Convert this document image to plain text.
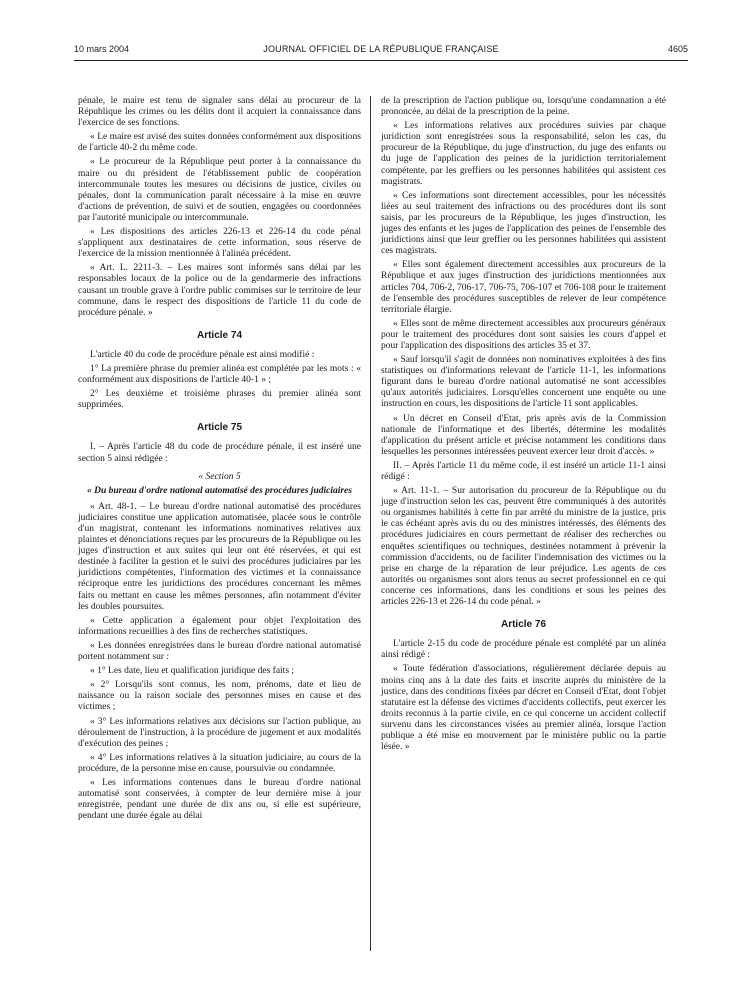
10 mars 2004	JOURNAL OFFICIEL DE LA RÉPUBLIQUE FRANÇAISE	4605

pénale, le maire est tenu de signaler sans délai au procureur de la République les crimes ou les délits dont il acquiert la connaissance dans l'exercice de ses fonctions.

« Le maire est avisé des suites données conformément aux dispositions de l'article 40-2 du même code.

« Le procureur de la République peut porter à la connaissance du maire ou du président de l'établissement public de coopération intercommunale toutes les mesures ou décisions de justice, civiles ou pénales, dont la communication paraît nécessaire à la mise en œuvre d'actions de prévention, de suivi et de soutien, engagées ou coordonnées par l'autorité municipale ou intercommunale.

« Les dispositions des articles 226-13 et 226-14 du code pénal s'appliquent aux destinataires de cette information, sous réserve de l'exercice de la mission mentionnée à l'alinéa précédent.

« Art. L. 2211-3. – Les maires sont informés sans délai par les responsables locaux de la police ou de la gendarmerie des infractions causant un trouble grave à l'ordre public commises sur le territoire de leur commune, dans le respect des dispositions de l'article 11 du code de procédure pénale. »

Article 74

L'article 40 du code de procédure pénale est ainsi modifié :

1° La première phrase du premier alinéa est complétée par les mots : « conformément aux dispositions de l'article 40-1 » ;

2° Les deuxième et troisième phrases du premier alinéa sont supprimées.

Article 75

I. – Après l'article 48 du code de procédure pénale, il est inséré une section 5 ainsi rédigée :

« Section 5

« Du bureau d'ordre national automatisé des procédures judiciaires

« Art. 48-1. – Le bureau d'ordre national automatisé des procédures judiciaires constitue une application automatisée, placée sous le contrôle d'un magistrat, contenant les informations nominatives relatives aux plaintes et dénonciations reçues par les procureurs de la République ou les juges d'instruction et aux suites qui leur ont été réservées, et qui est destinée à faciliter la gestion et le suivi des procédures judiciaires par les juridictions compétentes, l'information des victimes et la connaissance réciproque entre les juridictions des procédures concernant les mêmes faits ou mettant en cause les mêmes personnes, afin notamment d'éviter les doubles poursuites.

« Cette application a également pour objet l'exploitation des informations recueillies à des fins de recherches statistiques.

« Les données enregistrées dans le bureau d'ordre national automatisé portent notamment sur :

« 1° Les date, lieu et qualification juridique des faits ;

« 2° Lorsqu'ils sont connus, les nom, prénoms, date et lieu de naissance ou la raison sociale des personnes mises en cause et des victimes ;

« 3° Les informations relatives aux décisions sur l'action publique, au déroulement de l'instruction, à la procédure de jugement et aux modalités d'exécution des peines ;

« 4° Les informations relatives à la situation judiciaire, au cours de la procédure, de la personne mise en cause, poursuivie ou condamnée.

« Les informations contenues dans le bureau d'ordre national automatisé sont conservées, à compter de leur dernière mise à jour enregistrée, pendant une durée de dix ans ou, si elle est supérieure, pendant une durée égale au délai

de la prescription de l'action publique ou, lorsqu'une condamnation a été prononcée, au délai de la prescription de la peine.

« Les informations relatives aux procédures suivies par chaque juridiction sont enregistrées sous la responsabilité, selon les cas, du procureur de la République, du juge d'instruction, du juge des enfants ou du juge de l'application des peines de la juridiction territorialement compétente, par les greffiers ou les personnes habilitées qui assistent ces magistrats.

« Ces informations sont directement accessibles, pour les nécessités liées au seul traitement des infractions ou des procédures dont ils sont saisis, par les procureurs de la République, les juges d'instruction, les juges des enfants et les juges de l'application des peines de l'ensemble des juridictions ainsi que leur greffier ou les personnes habilitées qui assistent ces magistrats.

« Elles sont également directement accessibles aux procureurs de la République et aux juges d'instruction des juridictions mentionnées aux articles 704, 706-2, 706-17, 706-75, 706-107 et 706-108 pour le traitement de l'ensemble des procédures susceptibles de relever de leur compétence territoriale élargie.

« Elles sont de même directement accessibles aux procureurs généraux pour le traitement des procédures dont sont saisies les cours d'appel et pour l'application des dispositions des articles 35 et 37.

« Sauf lorsqu'il s'agit de données non nominatives exploitées à des fins statistiques ou d'informations relevant de l'article 11-1, les informations figurant dans le bureau d'ordre national automatisé ne sont accessibles qu'aux autorités judiciaires. Lorsqu'elles concernent une enquête ou une instruction en cours, les dispositions de l'article 11 sont applicables.

« Un décret en Conseil d'Etat, pris après avis de la Commission nationale de l'informatique et des libertés, détermine les modalités d'application du présent article et précise notamment les conditions dans lesquelles les personnes intéressées peuvent exercer leur droit d'accès. »

II. – Après l'article 11 du même code, il est inséré un article 11-1 ainsi rédigé :

« Art. 11-1. – Sur autorisation du procureur de la République ou du juge d'instruction selon les cas, peuvent être communiqués à des autorités ou organismes habilités à cette fin par arrêté du ministre de la justice, pris le cas échéant après avis du ou des ministres intéressés, des éléments des procédures judiciaires en cours permettant de réaliser des recherches ou enquêtes scientifiques ou techniques, destinées notamment à prévenir la commission d'accidents, ou de faciliter l'indemnisation des victimes ou la prise en charge de la réparation de leur préjudice. Les agents de ces autorités ou organismes sont alors tenus au secret professionnel en ce qui concerne ces informations, dans les conditions et sous les peines des articles 226-13 et 226-14 du code pénal. »

Article 76

L'article 2-15 du code de procédure pénale est complété par un alinéa ainsi rédigé :

« Toute fédération d'associations, régulièrement déclarée depuis au moins cinq ans à la date des faits et inscrite auprès du ministère de la justice, dans des conditions fixées par décret en Conseil d'Etat, dont l'objet statutaire est la défense des victimes d'accidents collectifs, peut exercer les droits reconnus à la partie civile, en ce qui concerne un accident collectif survenu dans les circonstances visées au premier alinéa, lorsque l'action publique a été mise en mouvement par le ministère public ou la partie lésée. »
